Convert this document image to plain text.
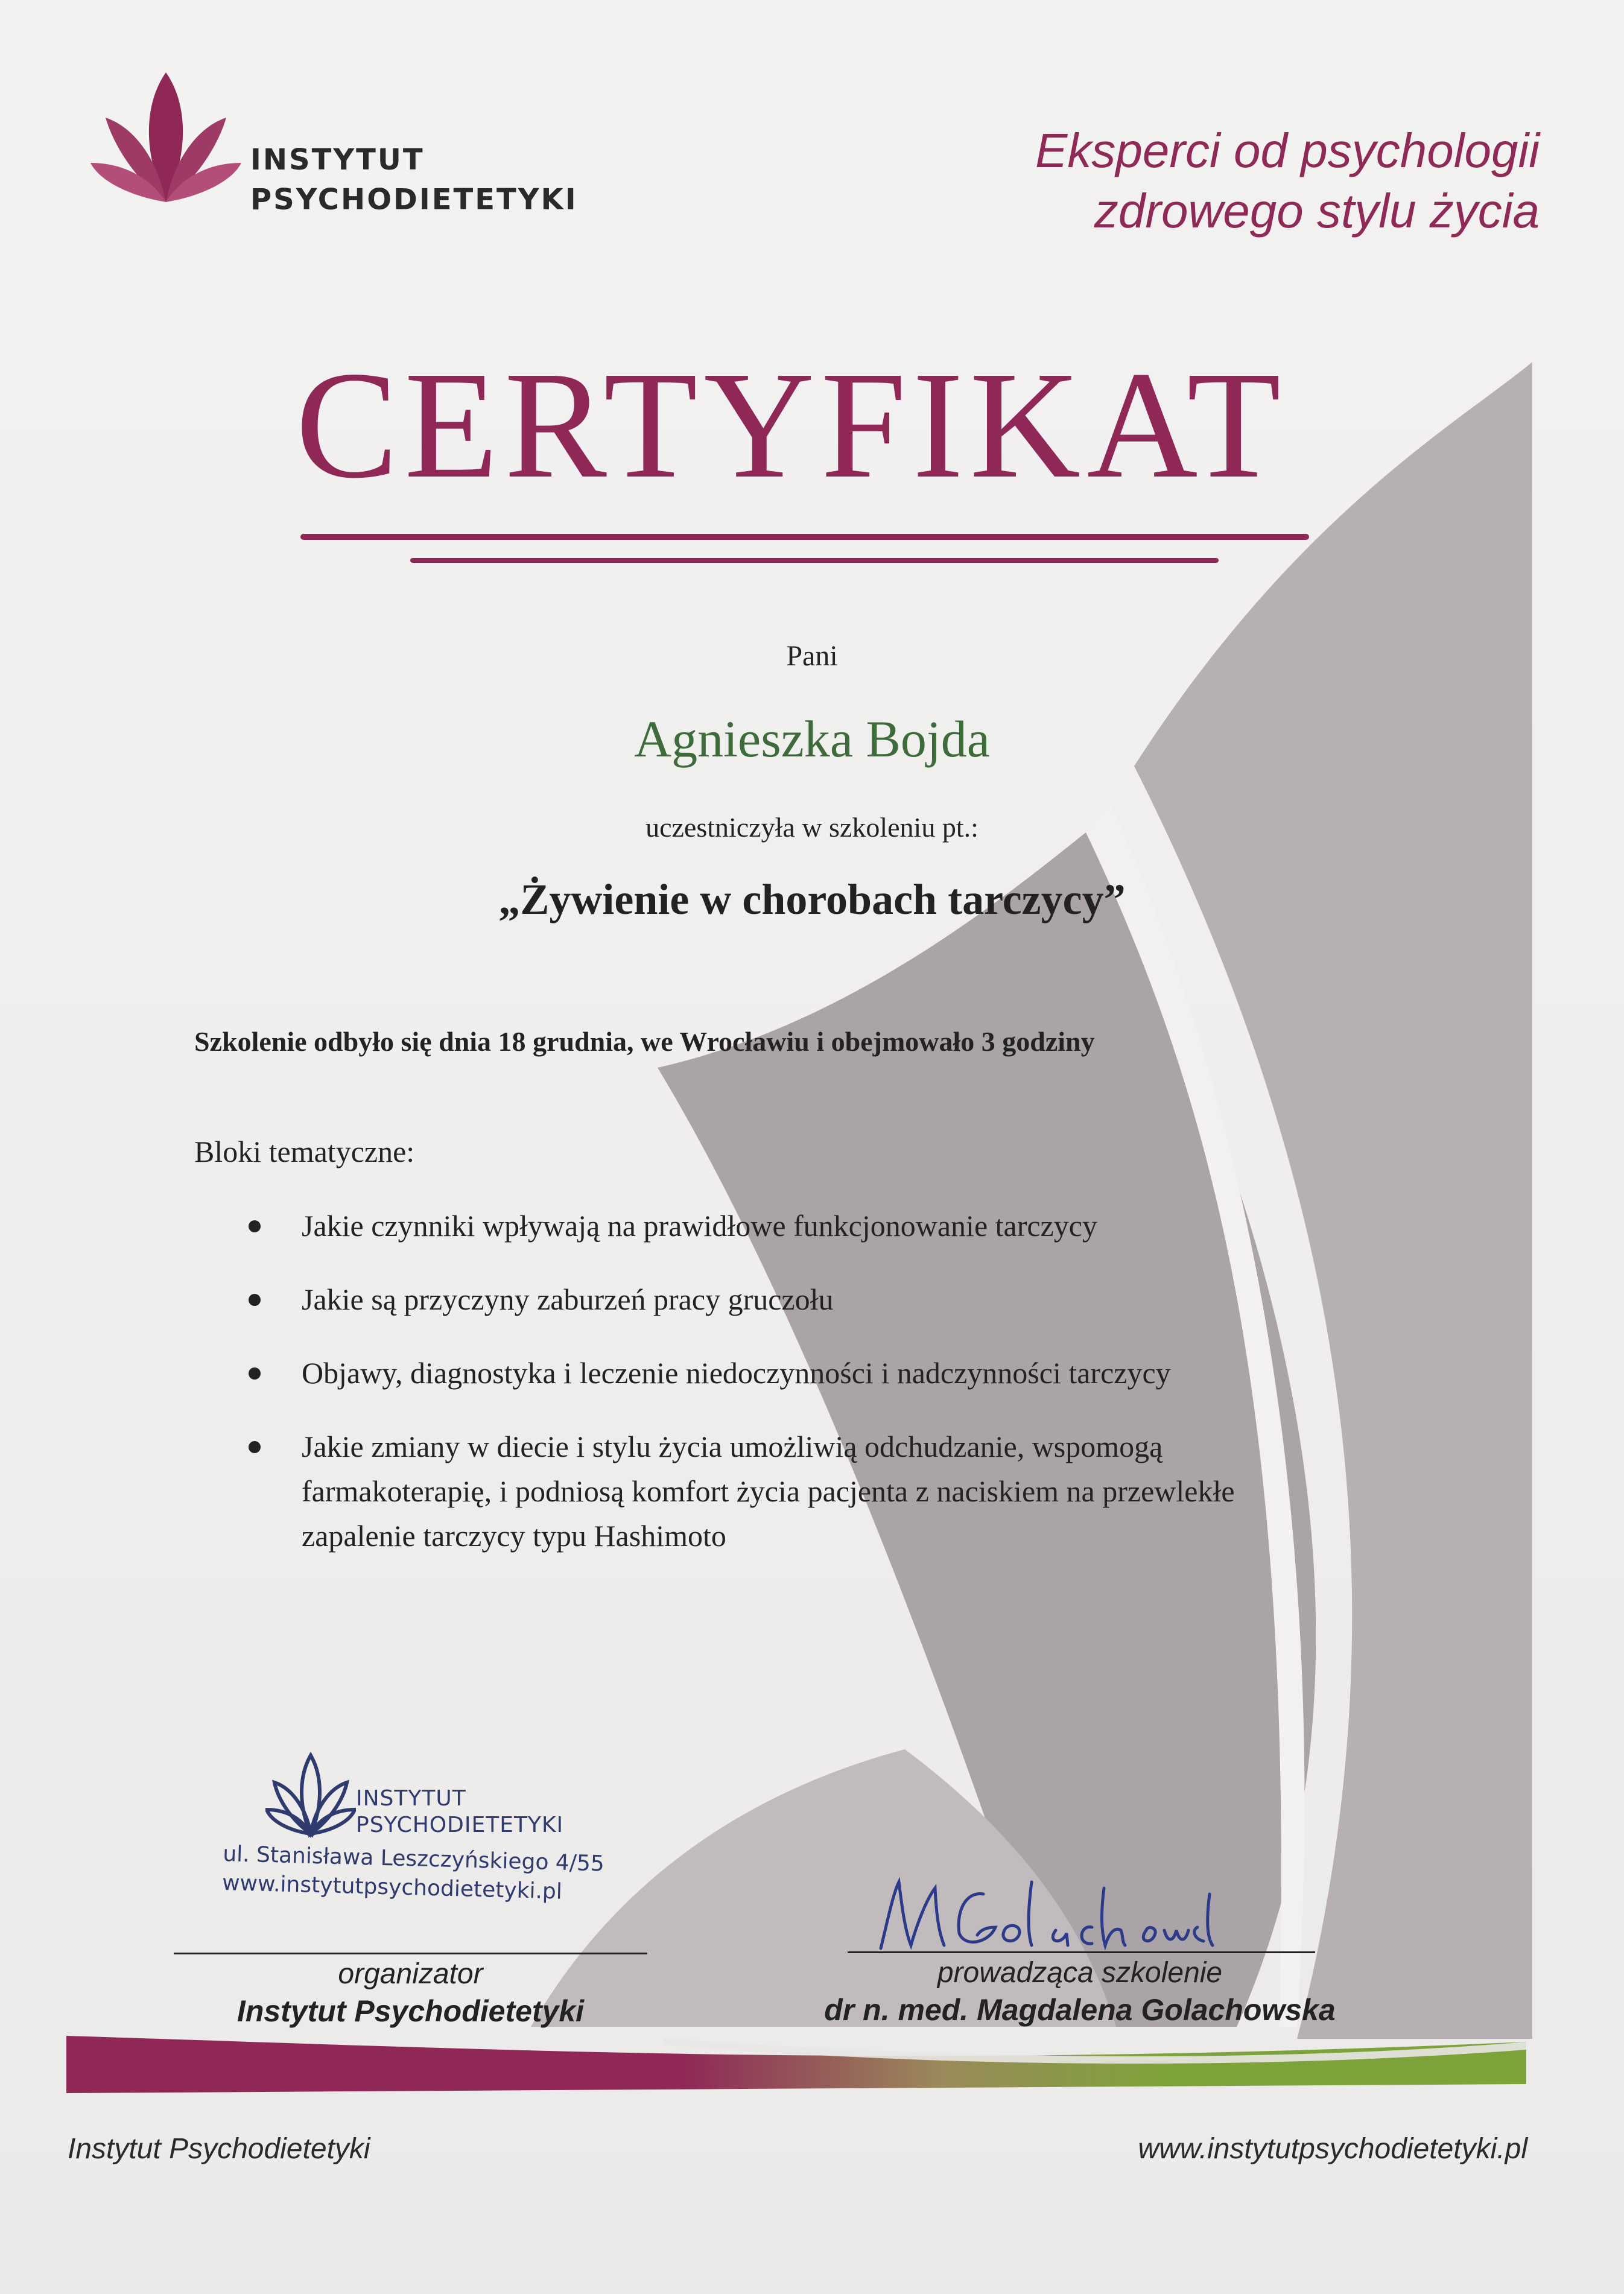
INSTYTUT
PSYCHODIETETYKI
Eksperci od psychologii
zdrowego stylu życia
CERTYFIKAT
Pani
Agnieszka Bojda
uczestniczyła w szkoleniu pt.:
„Żywienie w chorobach tarczycy”
Szkolenie odbyło się dnia 18 grudnia, we Wrocławiu i obejmowało 3 godziny
Bloki tematyczne:
Jakie czynniki wpływają na prawidłowe funkcjonowanie tarczycy
Jakie są przyczyny zaburzeń pracy gruczołu
Objawy, diagnostyka i leczenie niedoczynności i nadczynności tarczycy
Jakie zmiany w diecie i stylu życia umożliwią odchudzanie, wspomogą farmakoterapię, i podniosą komfort życia pacjenta z naciskiem na przewlekłe zapalenie tarczycy typu Hashimoto
INSTYTUT
PSYCHODIETETYKI
ul. Stanisława Leszczyńskiego 4/55
www.instytutpsychodietetyki.pl
organizator
Instytut Psychodietetyki
prowadząca szkolenie
dr n. med. Magdalena Golachowska
Instytut Psychodietetyki	www.instytutpsychodietetyki.pl
